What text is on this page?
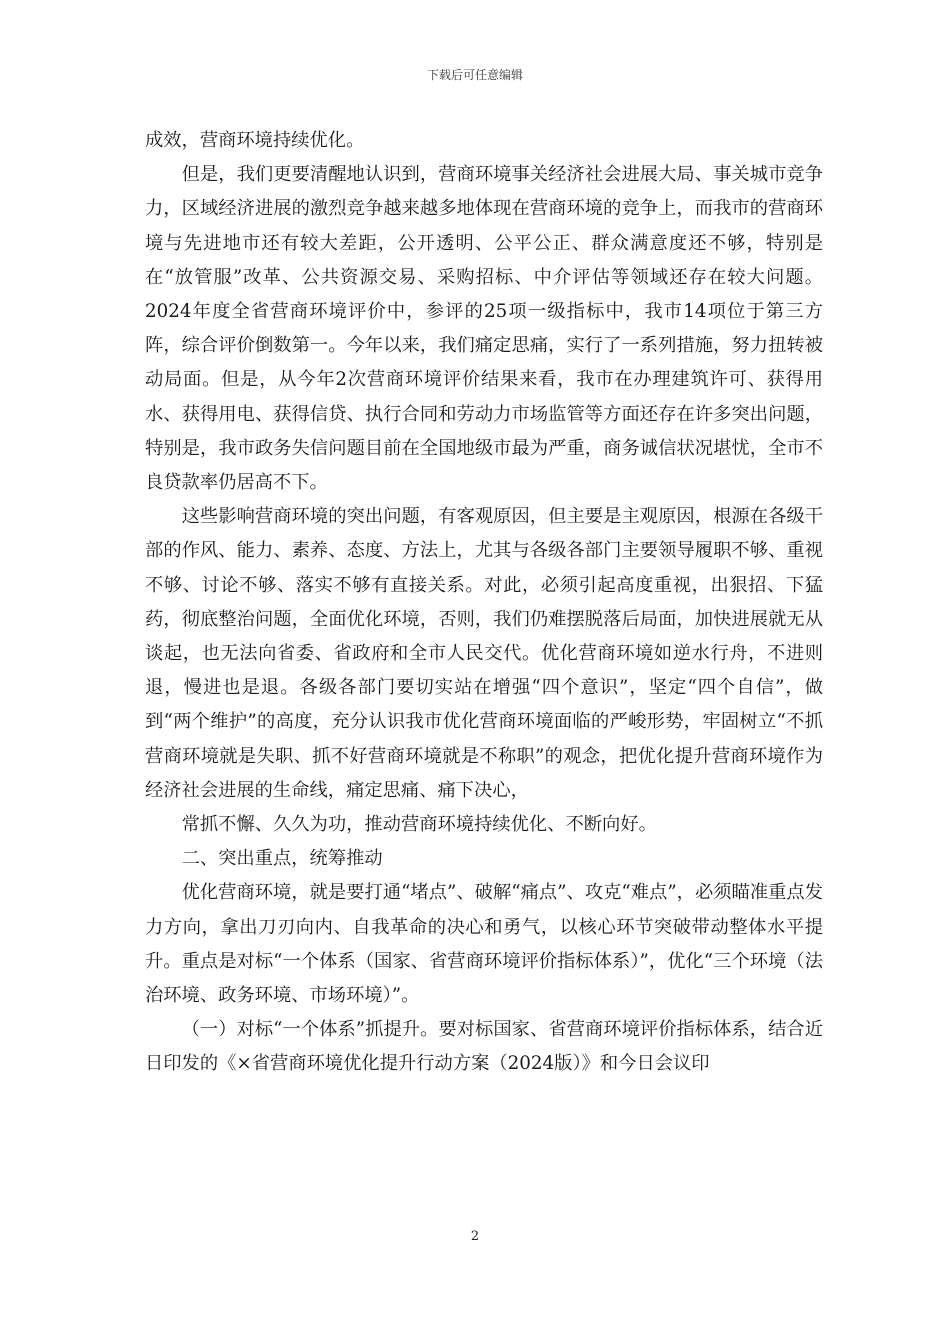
下载后可任意编辑

成效，营商环境持续优化。

但是，我们更要清醒地认识到，营商环境事关经济社会进展大局、事关城市竞争力，区域经济进展的激烈竞争越来越多地体现在营商环境的竞争上，而我市的营商环境与先进地市还有较大差距，公开透明、公平公正、群众满意度还不够，特别是在“放管服”改革、公共资源交易、采购招标、中介评估等领域还存在较大问题。2024年度全省营商环境评价中，参评的25项一级指标中，我市14项位于第三方阵，综合评价倒数第一。今年以来，我们痛定思痛，实行了一系列措施，努力扭转被动局面。但是，从今年2次营商环境评价结果来看，我市在办理建筑许可、获得用水、获得用电、获得信贷、执行合同和劳动力市场监管等方面还存在许多突出问题，特别是，我市政务失信问题目前在全国地级市最为严重，商务诚信状况堪忧，全市不良贷款率仍居高不下。

这些影响营商环境的突出问题，有客观原因，但主要是主观原因，根源在各级干部的作风、能力、素养、态度、方法上，尤其与各级各部门主要领导履职不够、重视不够、讨论不够、落实不够有直接关系。对此，必须引起高度重视，出狠招、下猛药，彻底整治问题，全面优化环境，否则，我们仍难摆脱落后局面，加快进展就无从谈起，也无法向省委、省政府和全市人民交代。优化营商环境如逆水行舟，不进则退，慢进也是退。各级各部门要切实站在增强“四个意识”，坚定“四个自信”，做到“两个维护”的高度，充分认识我市优化营商环境面临的严峻形势，牢固树立“不抓营商环境就是失职、抓不好营商环境就是不称职”的观念，把优化提升营商环境作为经济社会进展的生命线，痛定思痛、痛下决心，

常抓不懈、久久为功，推动营商环境持续优化、不断向好。

二、突出重点，统筹推动

优化营商环境，就是要打通“堵点”、破解“痛点”、攻克“难点”，必须瞄准重点发力方向，拿出刀刃向内、自我革命的决心和勇气，以核心环节突破带动整体水平提升。重点是对标“一个体系（国家、省营商环境评价指标体系）”，优化“三个环境（法治环境、政务环境、市场环境）”。

（一）对标“一个体系”抓提升。要对标国家、省营商环境评价指标体系，结合近日印发的《×省营商环境优化提升行动方案（2024版）》和今日会议印

2
